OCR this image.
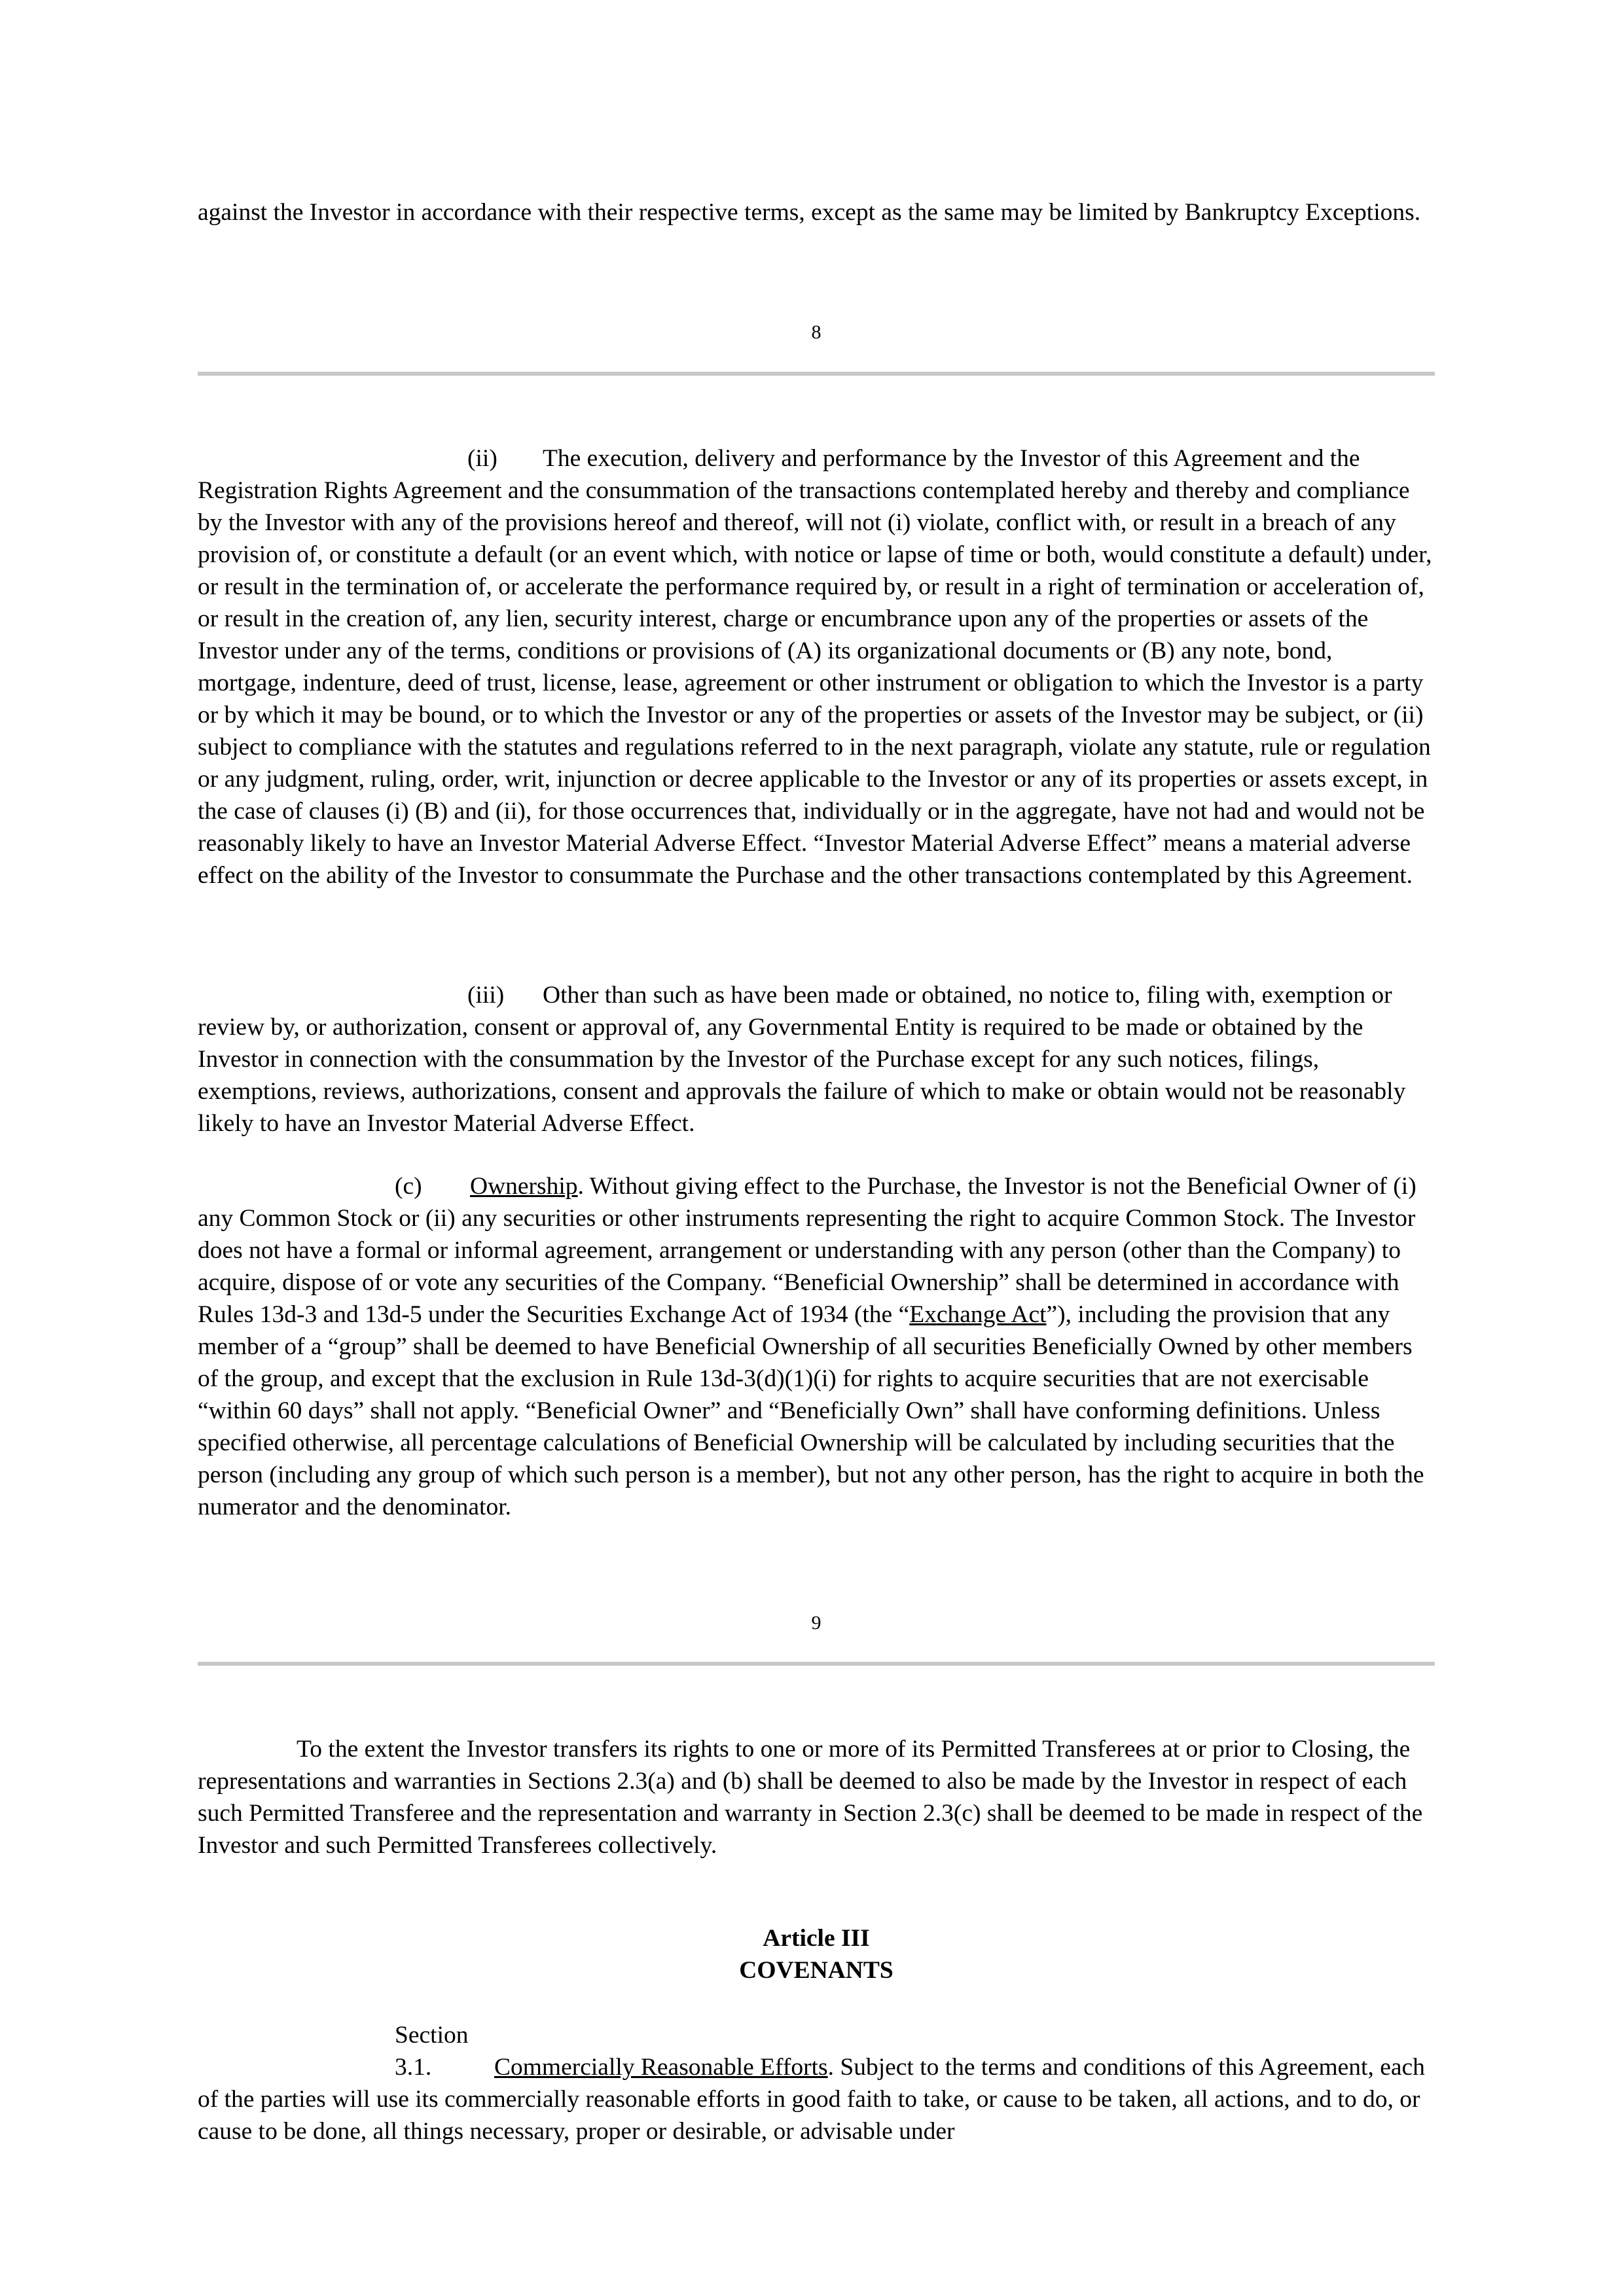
against the Investor in accordance with their respective terms, except as the same may be limited by Bankruptcy Exceptions.

8

(ii) The execution, delivery and performance by the Investor of this Agreement and the Registration Rights Agreement and the consummation of the transactions contemplated hereby and thereby and compliance by the Investor with any of the provisions hereof and thereof, will not (i) violate, conflict with, or result in a breach of any provision of, or constitute a default (or an event which, with notice or lapse of time or both, would constitute a default) under, or result in the termination of, or accelerate the performance required by, or result in a right of termination or acceleration of, or result in the creation of, any lien, security interest, charge or encumbrance upon any of the properties or assets of the Investor under any of the terms, conditions or provisions of (A) its organizational documents or (B) any note, bond, mortgage, indenture, deed of trust, license, lease, agreement or other instrument or obligation to which the Investor is a party or by which it may be bound, or to which the Investor or any of the properties or assets of the Investor may be subject, or (ii) subject to compliance with the statutes and regulations referred to in the next paragraph, violate any statute, rule or regulation or any judgment, ruling, order, writ, injunction or decree applicable to the Investor or any of its properties or assets except, in the case of clauses (i) (B) and (ii), for those occurrences that, individually or in the aggregate, have not had and would not be reasonably likely to have an Investor Material Adverse Effect. “Investor Material Adverse Effect” means a material adverse effect on the ability of the Investor to consummate the Purchase and the other transactions contemplated by this Agreement.

(iii) Other than such as have been made or obtained, no notice to, filing with, exemption or review by, or authorization, consent or approval of, any Governmental Entity is required to be made or obtained by the Investor in connection with the consummation by the Investor of the Purchase except for any such notices, filings, exemptions, reviews, authorizations, consent and approvals the failure of which to make or obtain would not be reasonably likely to have an Investor Material Adverse Effect.

(c) Ownership. Without giving effect to the Purchase, the Investor is not the Beneficial Owner of (i) any Common Stock or (ii) any securities or other instruments representing the right to acquire Common Stock. The Investor does not have a formal or informal agreement, arrangement or understanding with any person (other than the Company) to acquire, dispose of or vote any securities of the Company. “Beneficial Ownership” shall be determined in accordance with Rules 13d-3 and 13d-5 under the Securities Exchange Act of 1934 (the “Exchange Act”), including the provision that any member of a “group” shall be deemed to have Beneficial Ownership of all securities Beneficially Owned by other members of the group, and except that the exclusion in Rule 13d-3(d)(1)(i) for rights to acquire securities that are not exercisable “within 60 days” shall not apply. “Beneficial Owner” and “Beneficially Own” shall have conforming definitions. Unless specified otherwise, all percentage calculations of Beneficial Ownership will be calculated by including securities that the person (including any group of which such person is a member), but not any other person, has the right to acquire in both the numerator and the denominator.

9

To the extent the Investor transfers its rights to one or more of its Permitted Transferees at or prior to Closing, the representations and warranties in Sections 2.3(a) and (b) shall be deemed to also be made by the Investor in respect of each such Permitted Transferee and the representation and warranty in Section 2.3(c) shall be deemed to be made in respect of the Investor and such Permitted Transferees collectively.

Article III
COVENANTS

Section 3.1.	Commercially Reasonable Efforts. Subject to the terms and conditions of this Agreement, each of the parties will use its commercially reasonable efforts in good faith to take, or cause to be taken, all actions, and to do, or cause to be done, all things necessary, proper or desirable, or advisable under
